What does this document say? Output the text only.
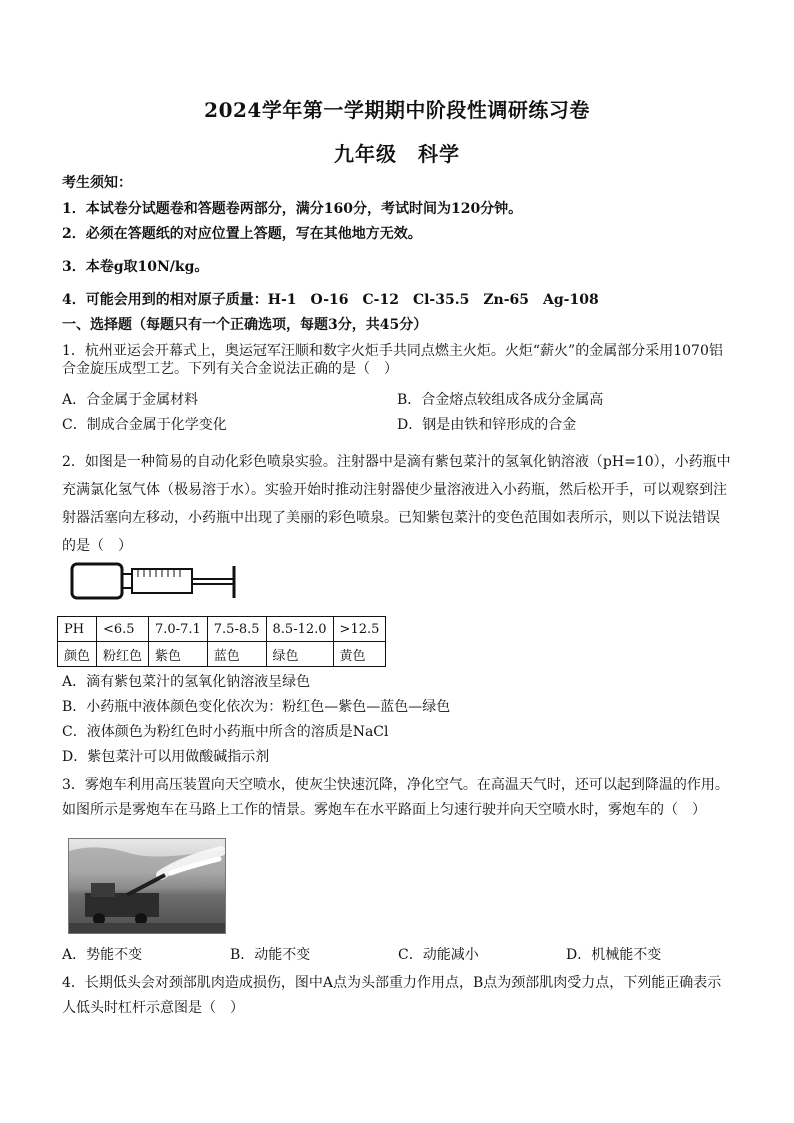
2024学年第一学期期中阶段性调研练习卷
九年级　科学
考生须知：
1．本试卷分试题卷和答题卷两部分，满分160分，考试时间为120分钟。
2．必须在答题纸的对应位置上答题，写在其他地方无效。
3．本卷g取10N/kg。
4．可能会用到的相对原子质量：H-1　O-16　C-12　Cl-35.5　Zn-65　Ag-108
一、选择题（每题只有一个正确选项，每题3分，共45分）
1．杭州亚运会开幕式上，奥运冠军汪顺和数字火炬手共同点燃主火炬。火炬“薪火”的金属部分采用1070铝合金旋压成型工艺。下列有关合金说法正确的是（　）
A．合金属于金属材料	B．合金熔点较组成各成分金属高
C．制成合金属于化学变化	D．钢是由铁和锌形成的合金
2．如图是一种简易的自动化彩色喷泉实验。注射器中是滴有紫包菜汁的氢氧化钠溶液（pH=10），小药瓶中充满氯化氢气体（极易溶于水）。实验开始时推动注射器使少量溶液进入小药瓶，然后松开手，可以观察到注射器活塞向左移动，小药瓶中出现了美丽的彩色喷泉。已知紫包菜汁的变色范围如表所示，则以下说法错误的是（　）
PH	<6.5	7.0-7.1	7.5-8.5	8.5-12.0	>12.5
颜色	粉红色	紫色	蓝色	绿色	黄色
A．滴有紫包菜汁的氢氧化钠溶液呈绿色
B．小药瓶中液体颜色变化依次为：粉红色—紫色—蓝色—绿色
C．液体颜色为粉红色时小药瓶中所含的溶质是NaCl
D．紫包菜汁可以用做酸碱指示剂
3．雾炮车利用高压装置向天空喷水，使灰尘快速沉降，净化空气。在高温天气时，还可以起到降温的作用。如图所示是雾炮车在马路上工作的情景。雾炮车在水平路面上匀速行驶并向天空喷水时，雾炮车的（　）
A．势能不变	B．动能不变	C．动能减小	D．机械能不变
4．长期低头会对颈部肌肉造成损伤，图中A点为头部重力作用点，B点为颈部肌肉受力点，下列能正确表示人低头时杠杆示意图是（　）
